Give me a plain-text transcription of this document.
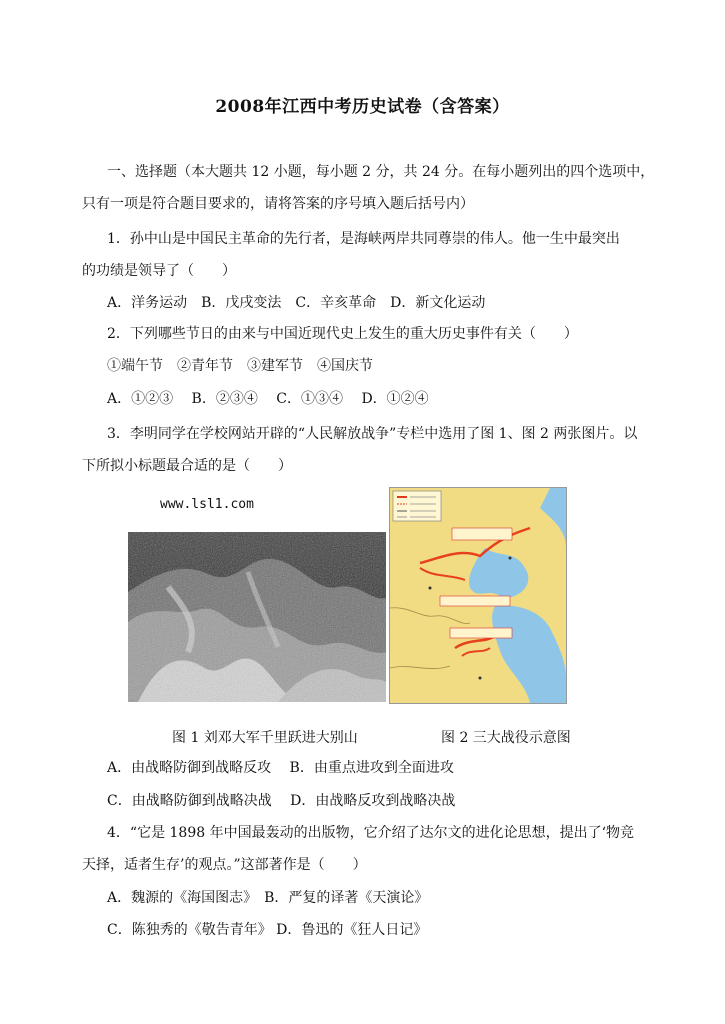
2008年江西中考历史试卷（含答案）
一、选择题（本大题共 12 小题，每小题 2 分，共 24 分。在每小题列出的四个选项中，
只有一项是符合题目要求的，请将答案的序号填入题后括号内）
1．孙中山是中国民主革命的先行者，是海峡两岸共同尊崇的伟人。他一生中最突出
的功绩是领导了（　　）
A．洋务运动　B．戊戌变法　C．辛亥革命　D．新文化运动
2．下列哪些节日的由来与中国近现代史上发生的重大历史事件有关（　　）
①端午节　②青年节　③建军节　④国庆节
A．①②③　 B．②③④　 C．①③④　 D．①②④
3．李明同学在学校网站开辟的“人民解放战争”专栏中选用了图 1、图 2 两张图片。以
下所拟小标题最合适的是（　　）
www.lsl1.com
图 1 刘邓大军千里跃进大别山	图 2 三大战役示意图
A．由战略防御到战略反攻　 B．由重点进攻到全面进攻
C．由战略防御到战略决战　 D．由战略反攻到战略决战
4．“它是 1898 年中国最轰动的出版物，它介绍了达尔文的进化论思想，提出了‘物竞
天择，适者生存’的观点。”这部著作是（　　）
A．魏源的《海国图志》　B．严复的译著《天演论》
C．陈独秀的《敬告青年》 D．鲁迅的《狂人日记》
